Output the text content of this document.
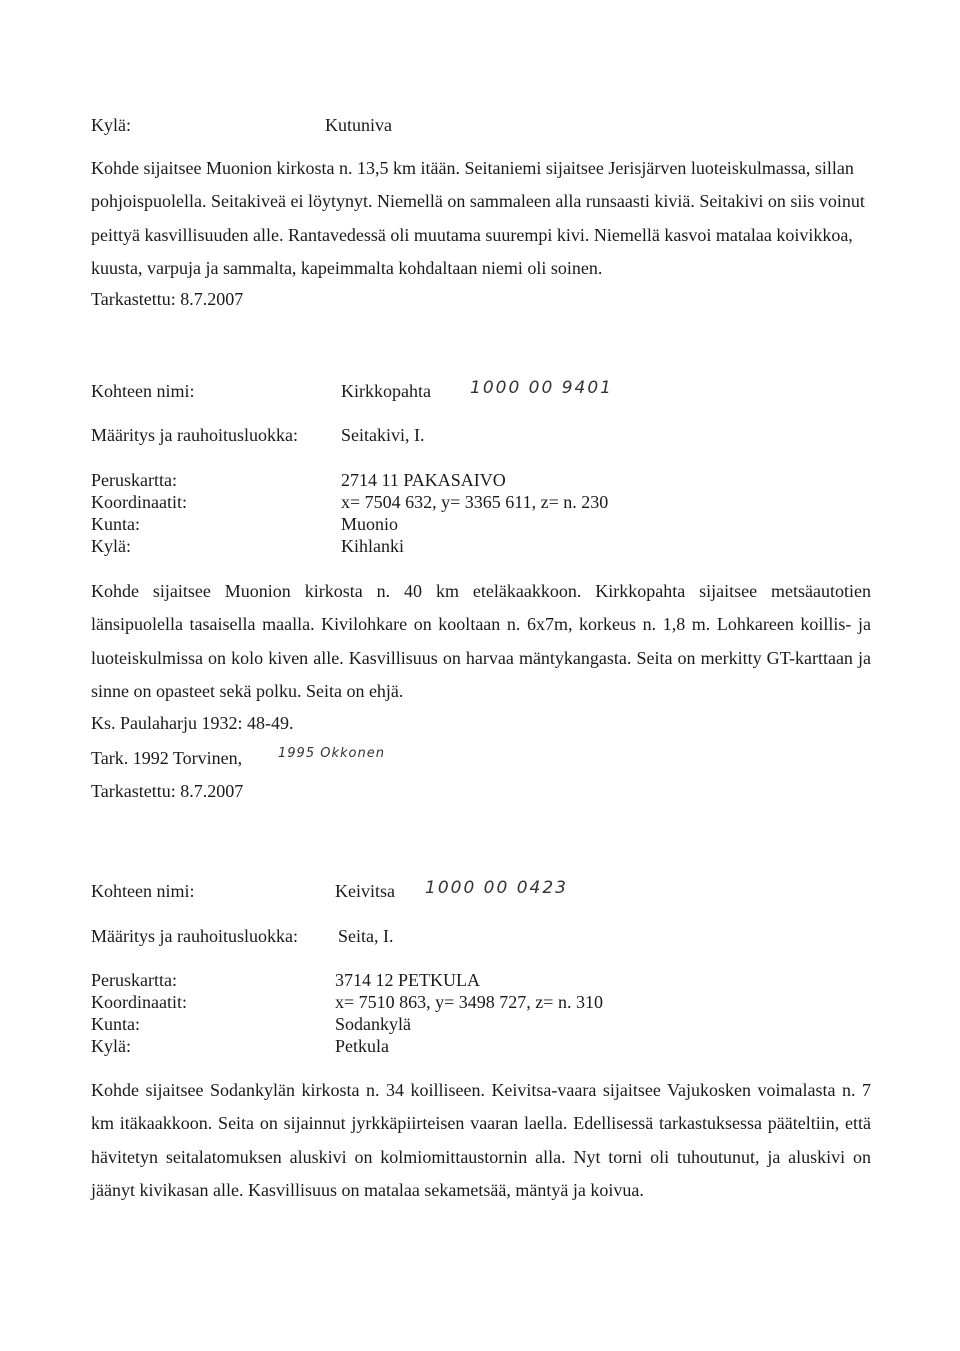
Kylä:	Kutuniva
Kohde sijaitsee Muonion kirkosta n. 13,5 km itään. Seitaniemi sijaitsee Jerisjärven luoteiskulmassa, sillan pohjoispuolella. Seitakiveä ei löytynyt. Niemellä on sammaleen alla runsaasti kiviä. Seitakivi on siis voinut peittyä kasvillisuuden alle. Rantavedessä oli muutama suurempi kivi. Niemellä kasvoi matalaa koivikkoa, kuusta, varpuja ja sammalta, kapeimmalta kohdaltaan niemi oli soinen.
Tarkastettu: 8.7.2007
Kohteen nimi:	Kirkkopahta 1000 00 9401
Määritys ja rauhoitusluokka: Seitakivi, I.
Peruskartta:	2714 11 PAKASAIVO
Koordinaatit:	x= 7504 632, y= 3365 611, z= n. 230
Kunta:	Muonio
Kylä:	Kihlanki
Kohde sijaitsee Muonion kirkosta n. 40 km eteläkaakkoon. Kirkkopahta sijaitsee metsäautotien länsipuolella tasaisella maalla. Kivilohkare on kooltaan n. 6x7m, korkeus n. 1,8 m. Lohkareen koillis- ja luoteiskulmissa on kolo kiven alle. Kasvillisuus on harvaa mäntykangasta. Seita on merkitty GT-karttaan ja sinne on opasteet sekä polku. Seita on ehjä.
Ks. Paulaharju 1932: 48-49.
Tark. 1992 Torvinen,	1995 Okkonen
Tarkastettu: 8.7.2007
Kohteen nimi:	Keivitsa 1000 00 0423
Määritys ja rauhoitusluokka: Seita, I.
Peruskartta:	3714 12 PETKULA
Koordinaatit:	x= 7510 863, y= 3498 727, z= n. 310
Kunta:	Sodankylä
Kylä:	Petkula
Kohde sijaitsee Sodankylän kirkosta n. 34 koilliseen. Keivitsa-vaara sijaitsee Vajukosken voimalasta n. 7 km itäkaakkoon. Seita on sijainnut jyrkkäpiirteisen vaaran laella. Edellisessä tarkastuksessa pääteltiin, että hävitetyn seitalatomuksen aluskivi on kolmiomittaustornin alla. Nyt torni oli tuhoutunut, ja aluskivi on jäänyt kivikasan alle. Kasvillisuus on matalaa sekametsää, mäntyä ja koivua.
